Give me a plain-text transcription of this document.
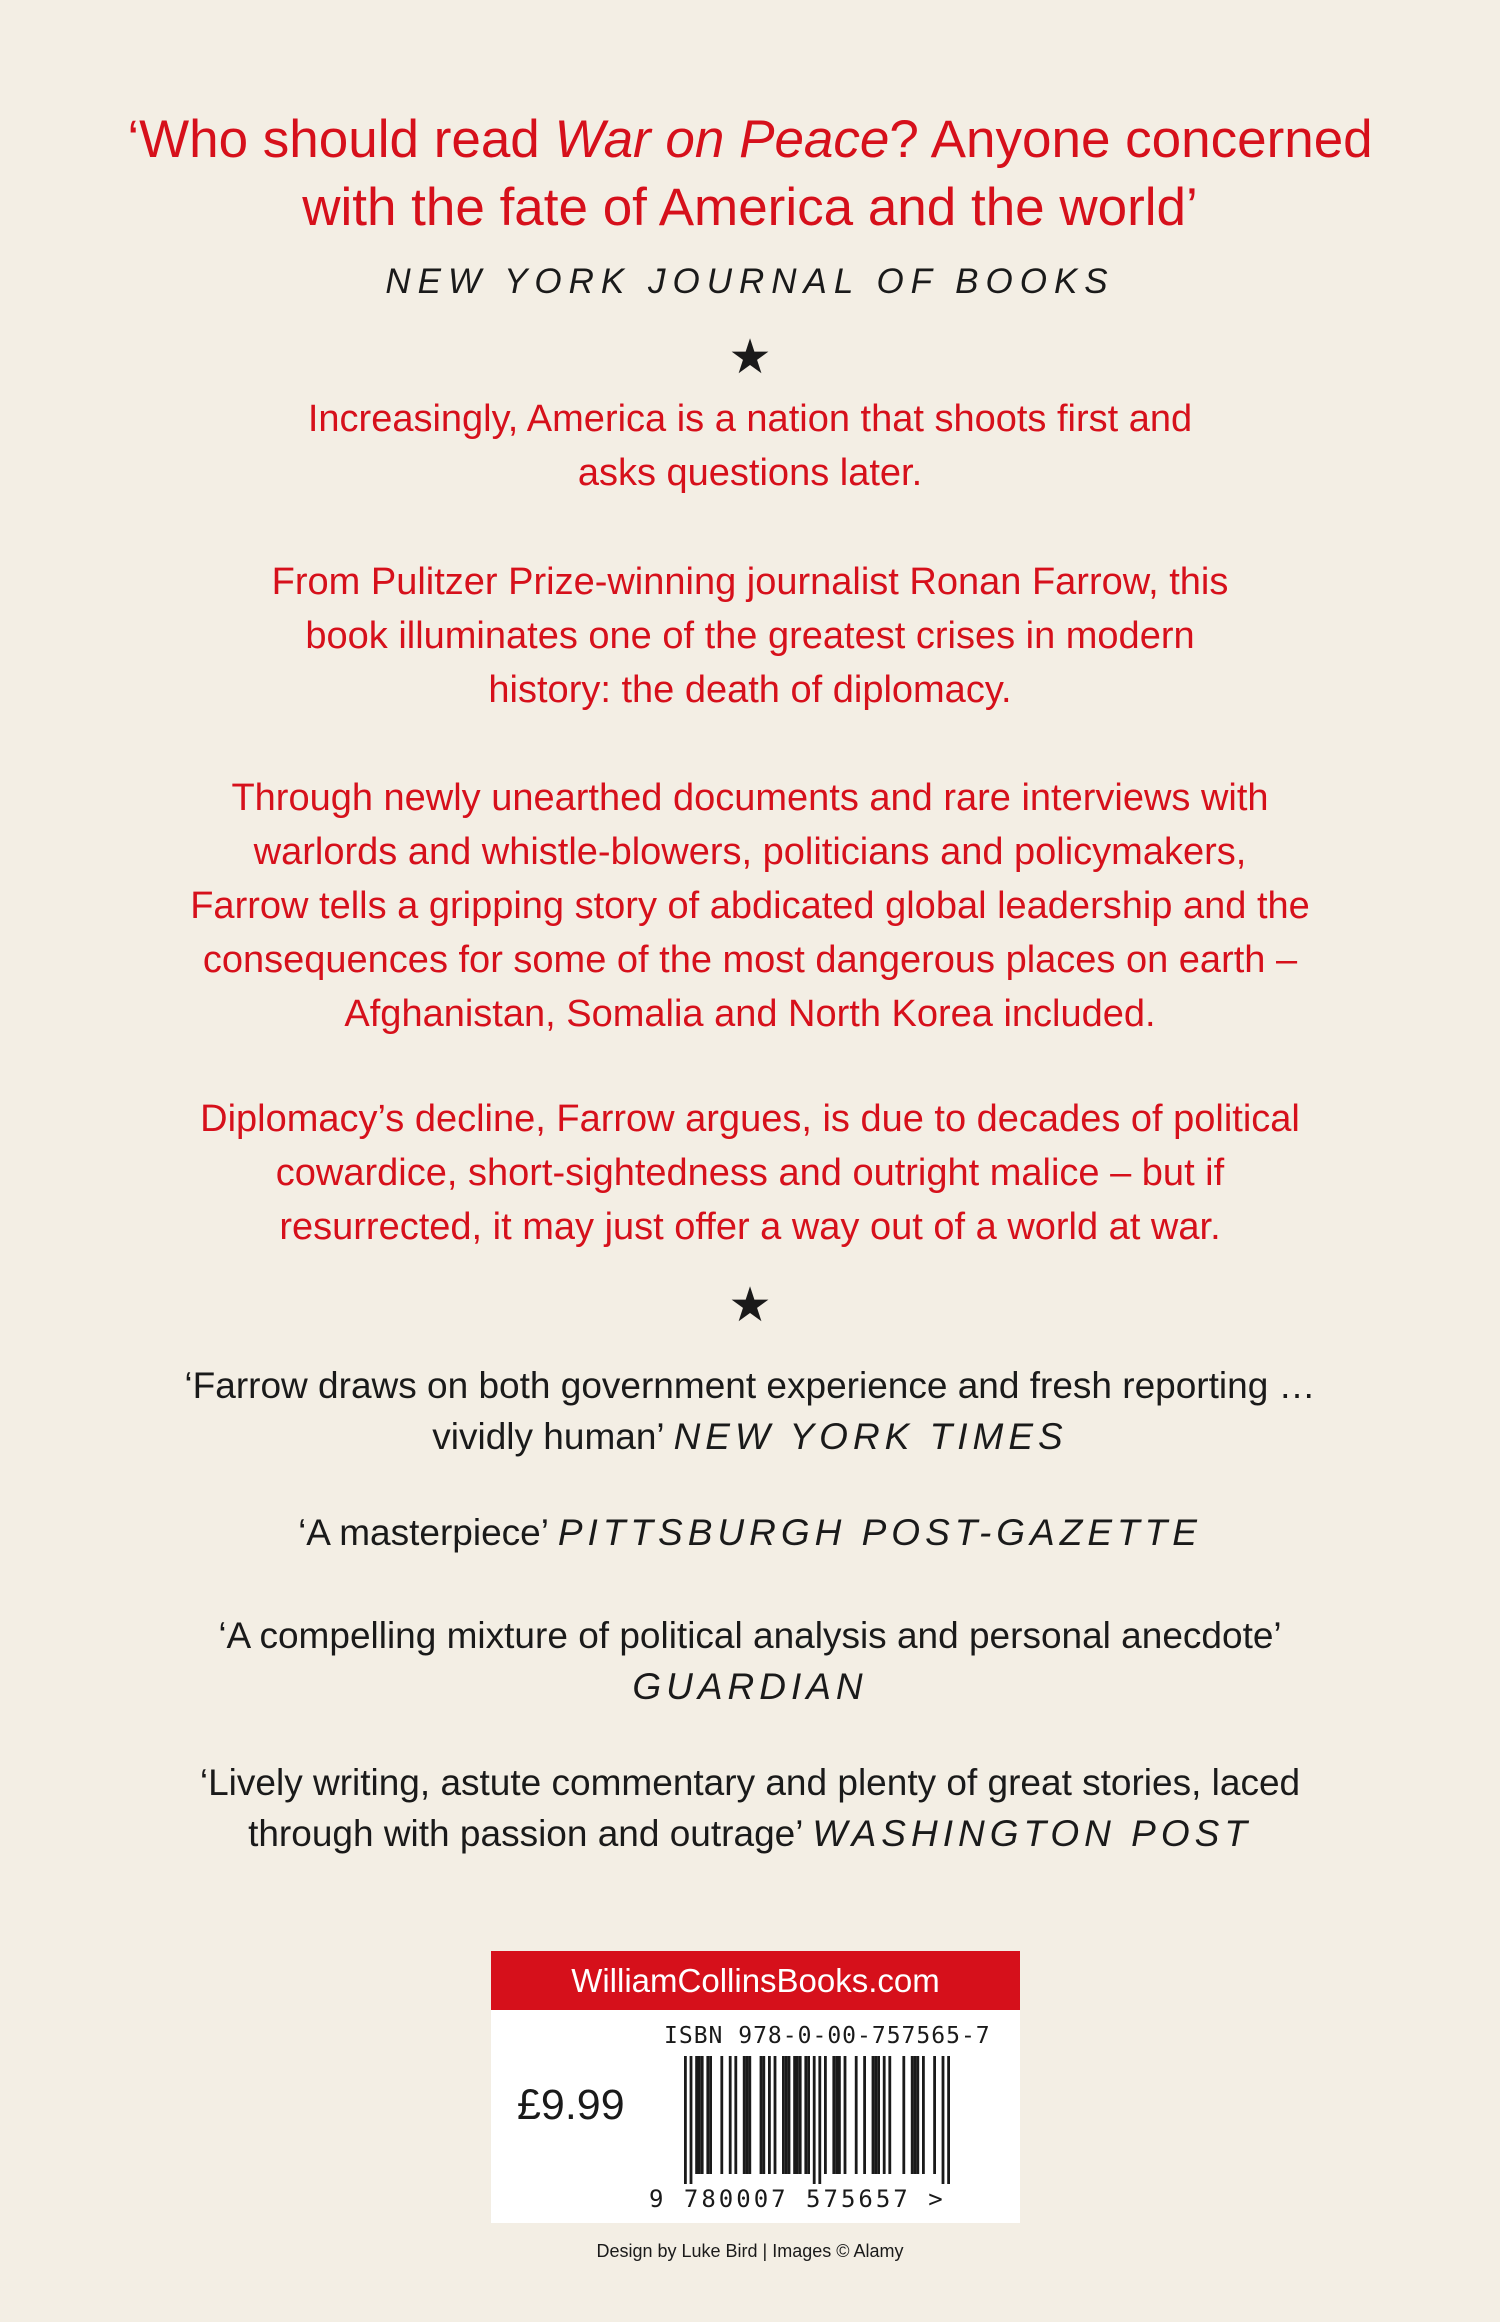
‘Who should read War on Peace? Anyone concerned
with the fate of America and the world’
NEW YORK JOURNAL OF BOOKS
★
Increasingly, America is a nation that shoots first and
asks questions later.
From Pulitzer Prize-winning journalist Ronan Farrow, this
book illuminates one of the greatest crises in modern
history: the death of diplomacy.
Through newly unearthed documents and rare interviews with
warlords and whistle-blowers, politicians and policymakers,
Farrow tells a gripping story of abdicated global leadership and the
consequences for some of the most dangerous places on earth –
Afghanistan, Somalia and North Korea included.
Diplomacy’s decline, Farrow argues, is due to decades of political
cowardice, short-sightedness and outright malice – but if
resurrected, it may just offer a way out of a world at war.
★
‘Farrow draws on both government experience and fresh reporting …
vividly human’ NEW YORK TIMES
‘A masterpiece’ PITTSBURGH POST-GAZETTE
‘A compelling mixture of political analysis and personal anecdote’
GUARDIAN
‘Lively writing, astute commentary and plenty of great stories, laced
through with passion and outrage’ WASHINGTON POST
WilliamCollinsBooks.com
ISBN 978-0-00-757565-7
£9.99
9 780007 575657 >
Design by Luke Bird | Images © Alamy
